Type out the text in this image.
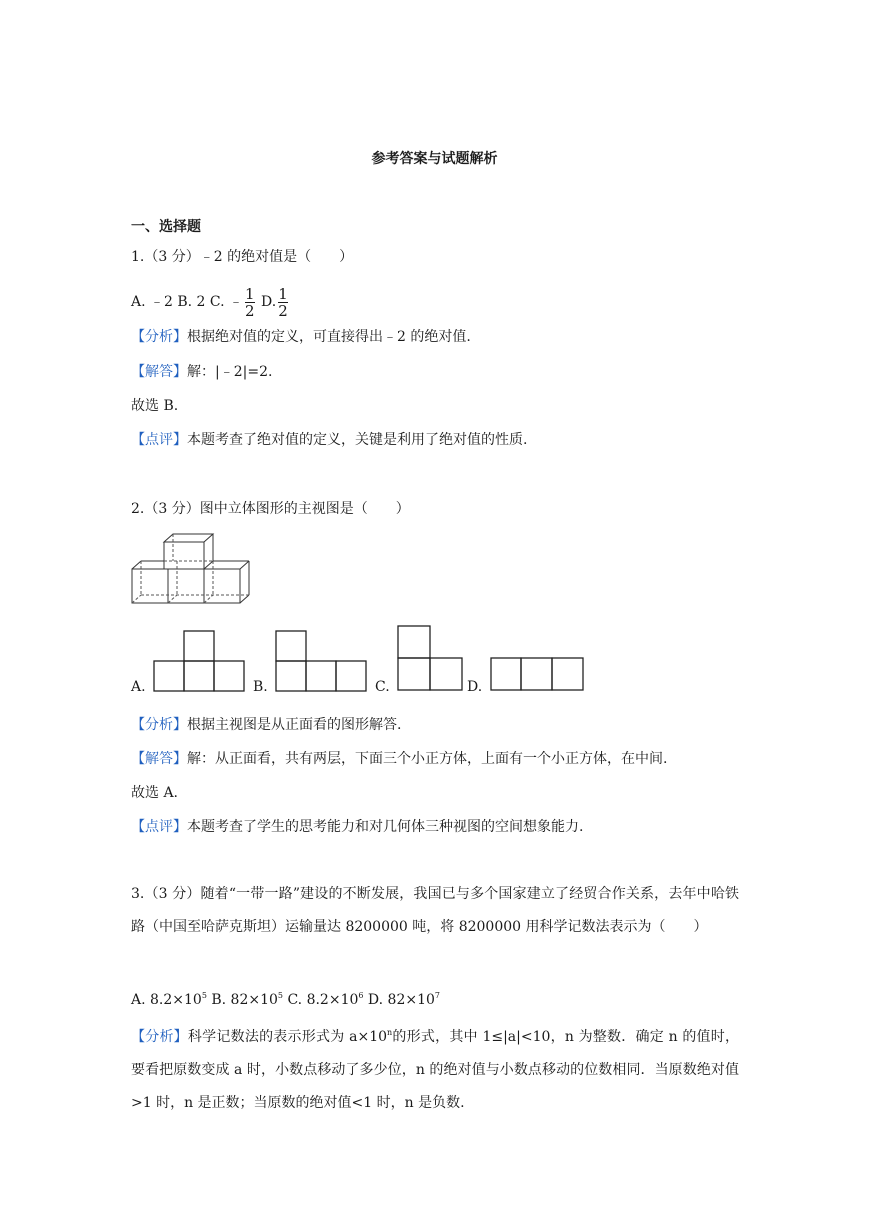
参考答案与试题解析
一、选择题
1.（3 分）﹣2 的绝对值是（　　）
A. ﹣2 B. 2 C. ﹣ $\frac{1}{2} D$. $\frac{1}{2}$
【分析】根据绝对值的定义，可直接得出﹣2 的绝对值.
【解答】解：|﹣2|=2.
故选 B.
【点评】本题考查了绝对值的定义，关键是利用了绝对值的性质.
2.（3 分）图中立体图形的主视图是（　　）
A.	B.	C.	D.
【分析】根据主视图是从正面看的图形解答.
【解答】解：从正面看，共有两层，下面三个小正方体，上面有一个小正方体，在中间.
故选 A.
【点评】本题考查了学生的思考能力和对几何体三种视图的空间想象能力.
3.（3 分）随着“一带一路”建设的不断发展，我国已与多个国家建立了经贸合作关系，去年中哈铁路（中国至哈萨克斯坦）运输量达 8200000 吨，将 8200000 用科学记数法表示为（　　）
A. $8.2\times 10^5$ B. $82\times 10^5$ C. $8.2\times 10^6$ D. $82\times 10^7$
【分析】科学记数法的表示形式为 $a\times 10^n$的形式，其中 1≤|a|<10，n 为整数．确定 n 的值时，要看把原数变成 a 时，小数点移动了多少位，n 的绝对值与小数点移动的位数相同．当原数绝对值>1 时，n 是正数；当原数的绝对值<1 时，n 是负数.
